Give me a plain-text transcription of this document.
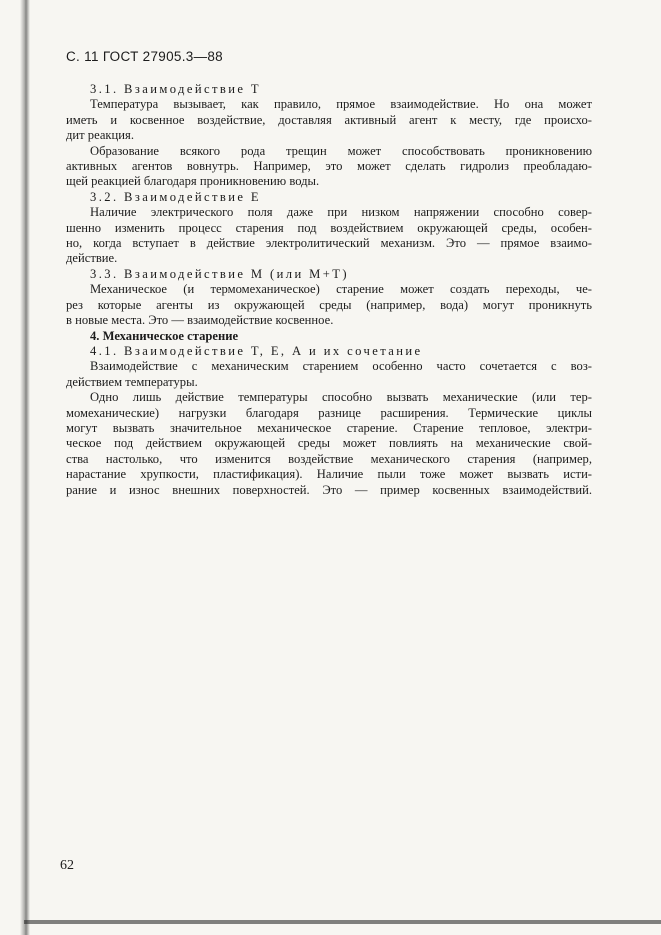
С. 11 ГОСТ 27905.3—88
3.1. Взаимодействие Т
Температура вызывает, как правило, прямое взаимодействие. Но она может
иметь и косвенное воздействие, доставляя активный агент к месту, где происхо-
дит реакция.
Образование всякого рода трещин может способствовать проникновению
активных агентов вовнутрь. Например, это может сделать гидролиз преобладаю-
щей реакцией благодаря проникновению воды.
3.2. Взаимодействие Е
Наличие электрического поля даже при низком напряжении способно совер-
шенно изменить процесс старения под воздействием окружающей среды, особен-
но, когда вступает в действие электролитический механизм. Это — прямое взаимо-
действие.
3.3. Взаимодействие М (или М+Т)
Механическое (и термомеханическое) старение может создать переходы, че-
рез которые агенты из окружающей среды (например, вода) могут проникнуть
в новые места. Это — взаимодействие косвенное.
4. Механическое старение
4.1. Взаимодействие Т, Е, А и их сочетание
Взаимодействие с механическим старением особенно часто сочетается с воз-
действием температуры.
Одно лишь действие температуры способно вызвать механические (или тер-
момеханические) нагрузки благодаря разнице расширения. Термические циклы
могут вызвать значительное механическое старение. Старение тепловое, электри-
ческое под действием окружающей среды может повлиять на механические свой-
ства настолько, что изменится воздействие механического старения (например,
нарастание хрупкости, пластификация). Наличие пыли тоже может вызвать исти-
рание и износ внешних поверхностей. Это — пример косвенных взаимодействий.
62
